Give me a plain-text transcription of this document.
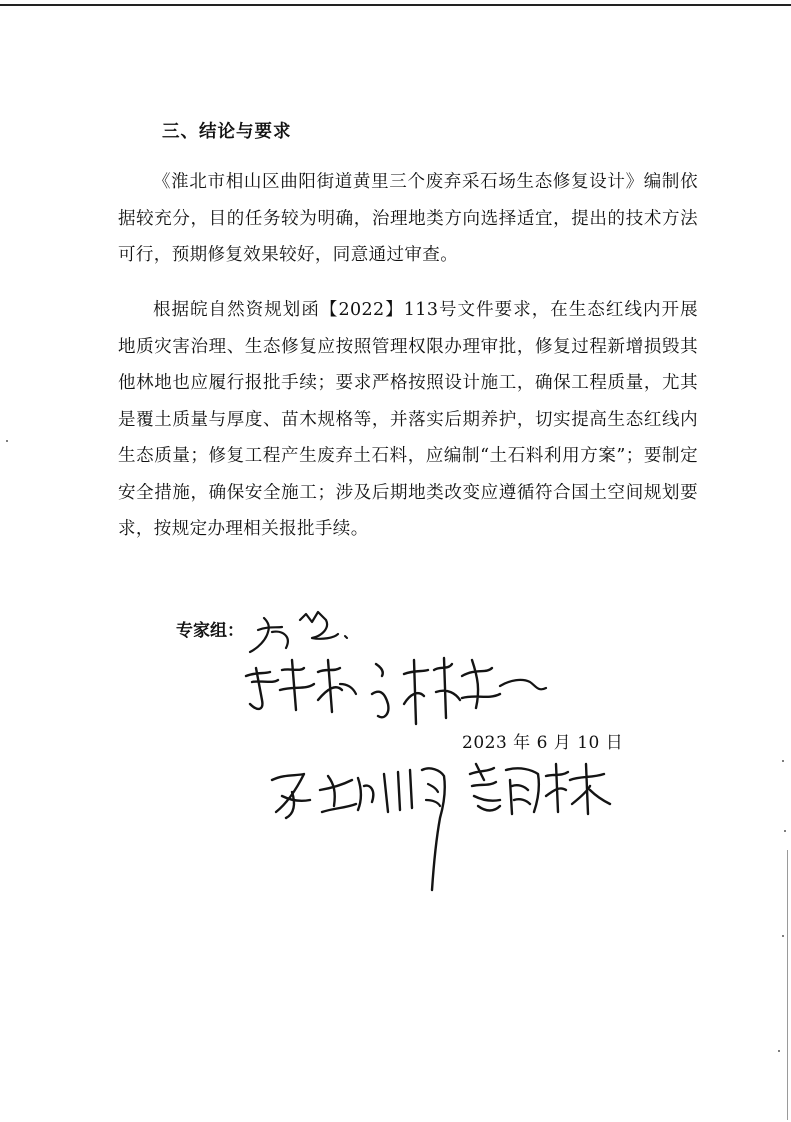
三、结论与要求

《淮北市相山区曲阳街道黄里三个废弃采石场生态修复设计》编制依据较充分，目的任务较为明确，治理地类方向选择适宜，提出的技术方法可行，预期修复效果较好，同意通过审查。

根据皖自然资规划函【2022】113号文件要求，在生态红线内开展地质灾害治理、生态修复应按照管理权限办理审批，修复过程新增损毁其他林地也应履行报批手续；要求严格按照设计施工，确保工程质量，尤其是覆土质量与厚度、苗木规格等，并落实后期养护，切实提高生态红线内生态质量；修复工程产生废弃土石料，应编制“土石料利用方案”；要制定安全措施，确保安全施工；涉及后期地类改变应遵循符合国土空间规划要求，按规定办理相关报批手续。

专家组：

2023 年 6 月 10 日
